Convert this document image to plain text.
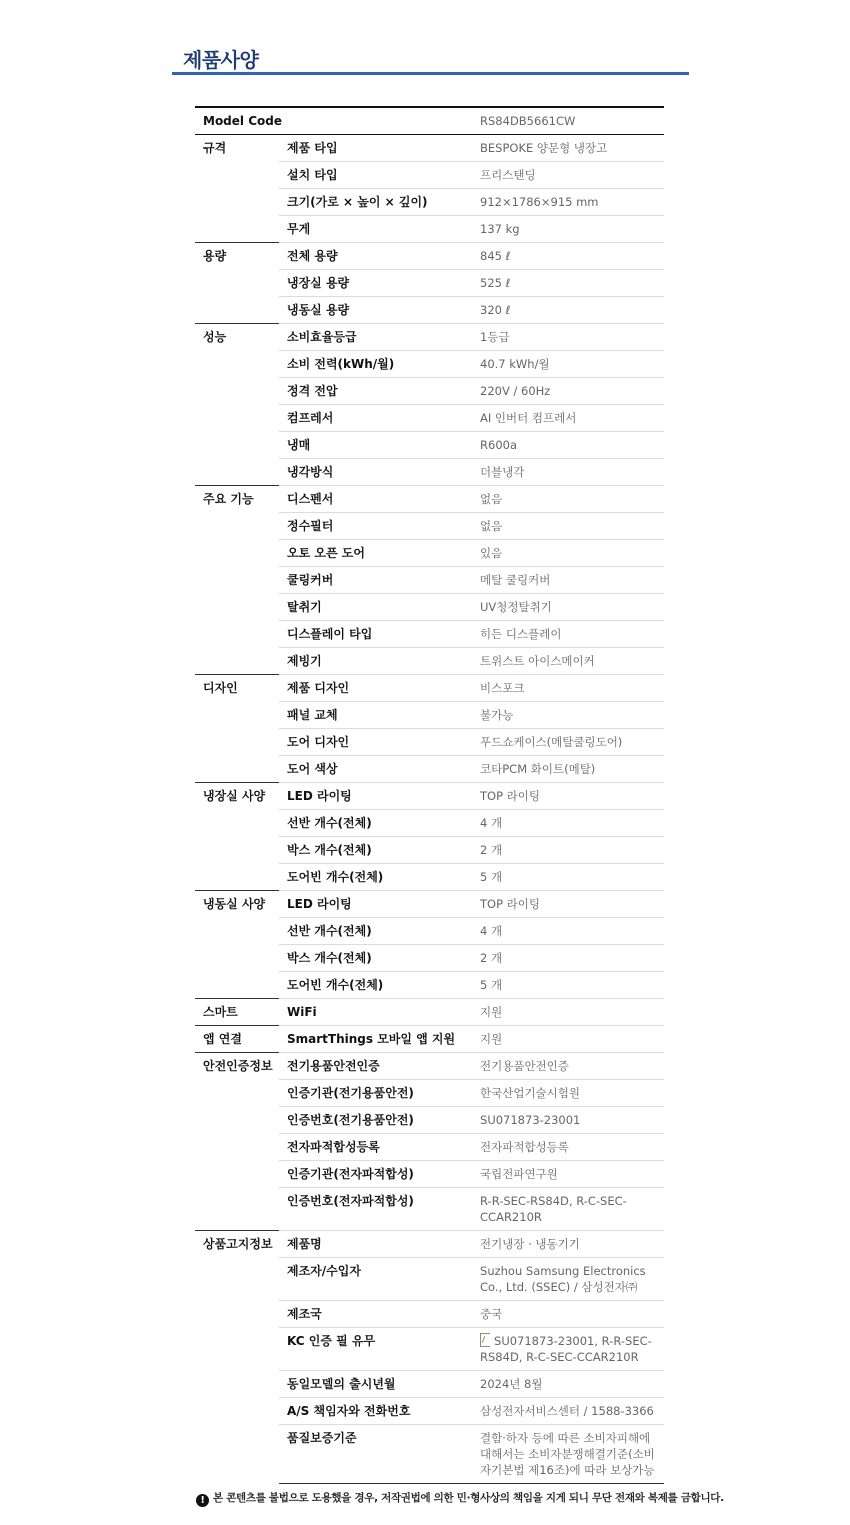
제품사양
Model Code		RS84DB5661CW
규격	제품 타입	BESPOKE 양문형 냉장고
	설치 타입	프리스탠딩
	크기(가로 × 높이 × 깊이)	912×1786×915 mm
	무게	137 kg
용량	전체 용량	845 ℓ
	냉장실 용량	525 ℓ
	냉동실 용량	320 ℓ
성능	소비효율등급	1등급
	소비 전력(kWh/월)	40.7 kWh/월
	정격 전압	220V / 60Hz
	컴프레서	AI 인버터 컴프레서
	냉매	R600a
	냉각방식	더블냉각
주요 기능	디스펜서	없음
	정수필터	없음
	오토 오픈 도어	있음
	쿨링커버	메탈 쿨링커버
	탈취기	UV청정탈취기
	디스플레이 타입	히든 디스플레이
	제빙기	트위스트 아이스메이커
디자인	제품 디자인	비스포크
	패널 교체	불가능
	도어 디자인	푸드쇼케이스(메탈쿨링도어)
	도어 색상	코타PCM 화이트(메탈)
냉장실 사양	LED 라이팅	TOP 라이팅
	선반 개수(전체)	4 개
	박스 개수(전체)	2 개
	도어빈 개수(전체)	5 개
냉동실 사양	LED 라이팅	TOP 라이팅
	선반 개수(전체)	4 개
	박스 개수(전체)	2 개
	도어빈 개수(전체)	5 개
스마트	WiFi	지원
앱 연결	SmartThings 모바일 앱 지원	지원
안전인증정보	전기용품안전인증	전기용품안전인증
	인증기관(전기용품안전)	한국산업기술시험원
	인증번호(전기용품안전)	SU071873-23001
	전자파적합성등록	전자파적합성등록
	인증기관(전자파적합성)	국립전파연구원
	인증번호(전자파적합성)	R-R-SEC-RS84D, R-C-SEC-CCAR210R
상품고지정보	제품명	전기냉장 · 냉동기기
	제조자/수입자	Suzhou Samsung Electronics Co., Ltd. (SSEC) / 삼성전자㈜
	제조국	중국
	KC 인증 필 유무	SU071873-23001, R-R-SEC-RS84D, R-C-SEC-CCAR210R
	동일모델의 출시년월	2024년 8월
	A/S 책임자와 전화번호	삼성전자서비스센터 / 1588-3366
	품질보증기준	결함·하자 등에 따른 소비자피해에 대해서는 소비자분쟁해결기준(소비자기본법 제16조)에 따라 보상가능
! 본 콘텐츠를 불법으로 도용했을 경우, 저작권법에 의한 민·형사상의 책임을 지게 되니 무단 전재와 복제를 금합니다.
